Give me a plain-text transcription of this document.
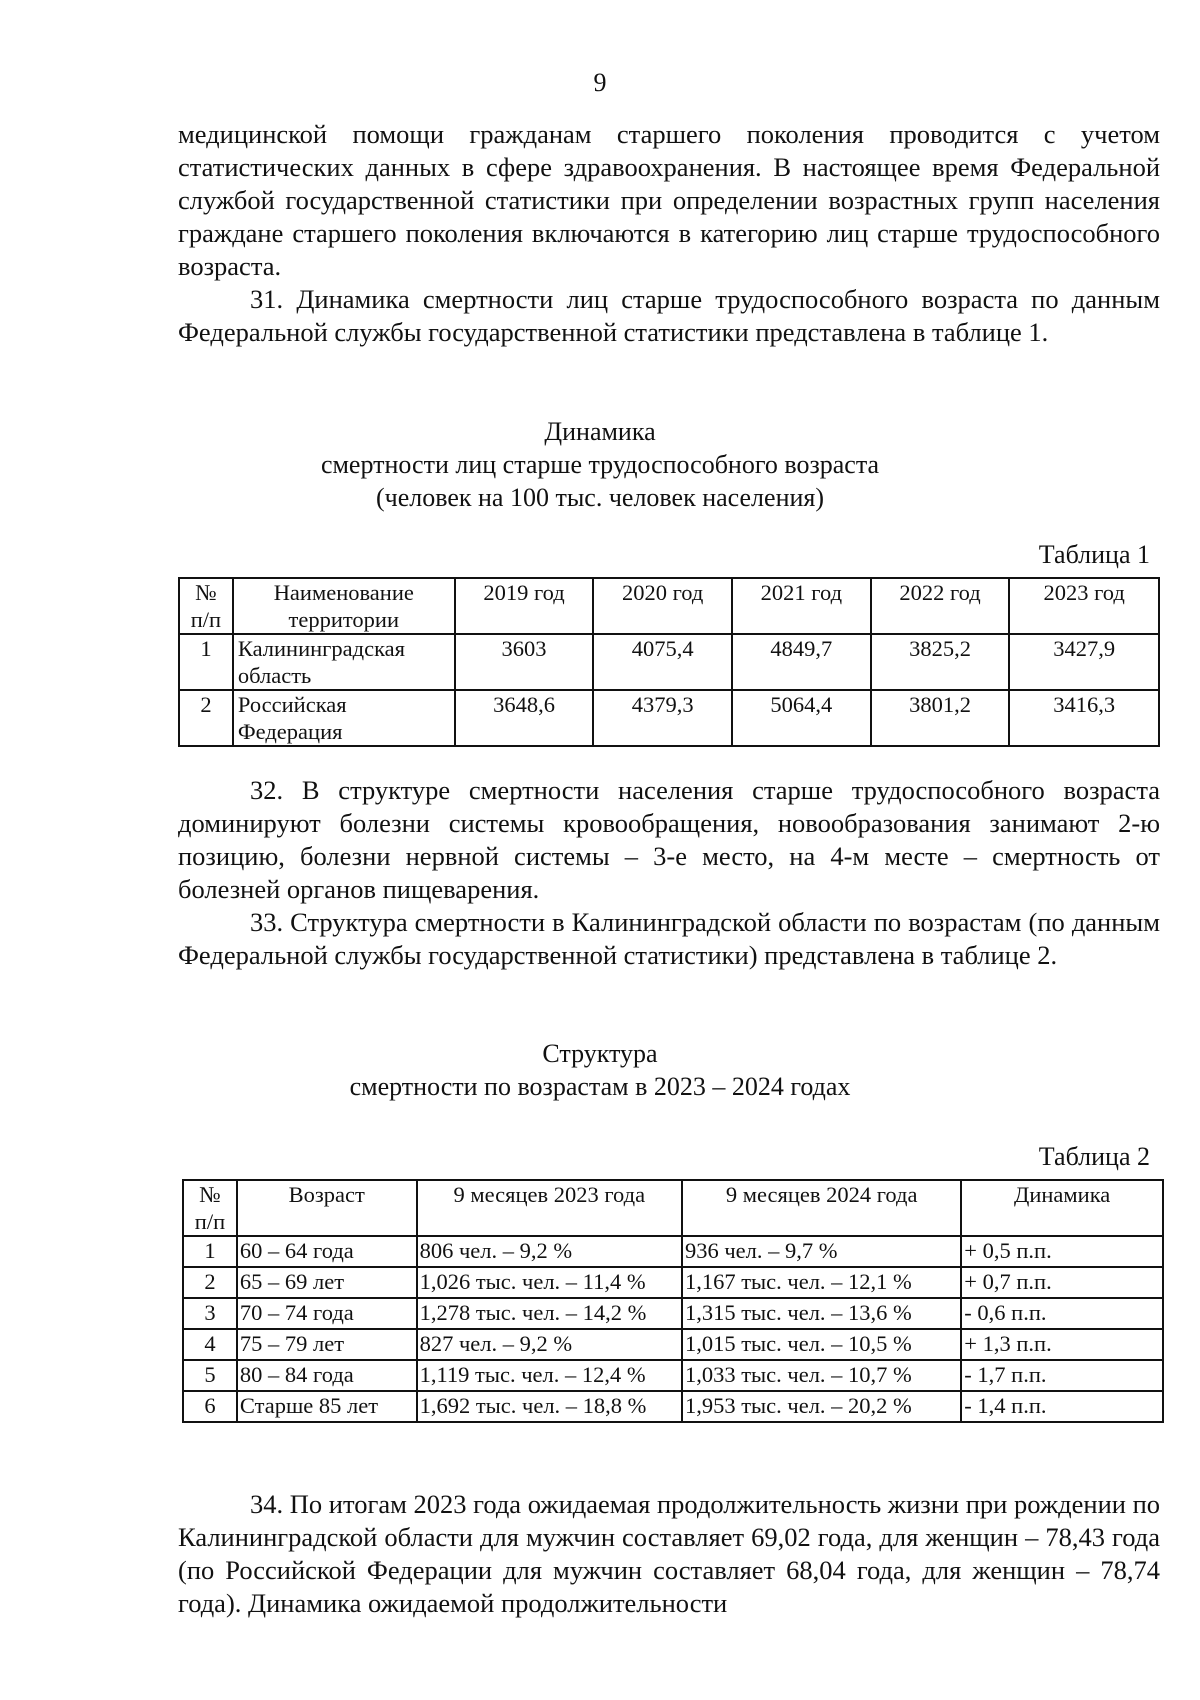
9

медицинской помощи гражданам старшего поколения проводится с учетом статистических данных в сфере здравоохранения. В настоящее время Федеральной службой государственной статистики при определении возрастных групп населения граждане старшего поколения включаются в категорию лиц старше трудоспособного возраста.

31. Динамика смертности лиц старше трудоспособного возраста по данным Федеральной службы государственной статистики представлена в таблице 1.

Динамика
смертности лиц старше трудоспособного возраста
(человек на 100 тыс. человек населения)
Таблица 1
№ п/п	Наименование территории	2019 год	2020 год	2021 год	2022 год	2023 год
1	Калининградская область	3603	4075,4	4849,7	3825,2	3427,9
2	Российская Федерация	3648,6	4379,3	5064,4	3801,2	3416,3

32. В структуре смертности населения старше трудоспособного возраста доминируют болезни системы кровообращения, новообразования занимают 2-ю позицию, болезни нервной системы – 3-е место, на 4-м месте – смертность от болезней органов пищеварения.

33. Структура смертности в Калининградской области по возрастам (по данным Федеральной службы государственной статистики) представлена в таблице 2.

Структура
смертности по возрастам в 2023 – 2024 годах
Таблица 2
№ п/п	Возраст	9 месяцев 2023 года	9 месяцев 2024 года	Динамика
1	60 – 64 года	806 чел. – 9,2 %	936 чел. – 9,7 %	+ 0,5 п.п.
2	65 – 69 лет	1,026 тыс. чел. – 11,4 %	1,167 тыс. чел. – 12,1 %	+ 0,7 п.п.
3	70 – 74 года	1,278 тыс. чел. – 14,2 %	1,315 тыс. чел. – 13,6 %	- 0,6 п.п.
4	75 – 79 лет	827 чел. – 9,2 %	1,015 тыс. чел. – 10,5 %	+ 1,3 п.п.
5	80 – 84 года	1,119 тыс. чел. – 12,4 %	1,033 тыс. чел. – 10,7 %	- 1,7 п.п.
6	Старше 85 лет	1,692 тыс. чел. – 18,8 %	1,953 тыс. чел. – 20,2 %	- 1,4 п.п.

34. По итогам 2023 года ожидаемая продолжительность жизни при рождении по Калининградской области для мужчин составляет 69,02 года, для женщин – 78,43 года (по Российской Федерации для мужчин составляет 68,04 года, для женщин – 78,74 года). Динамика ожидаемой продолжительности
